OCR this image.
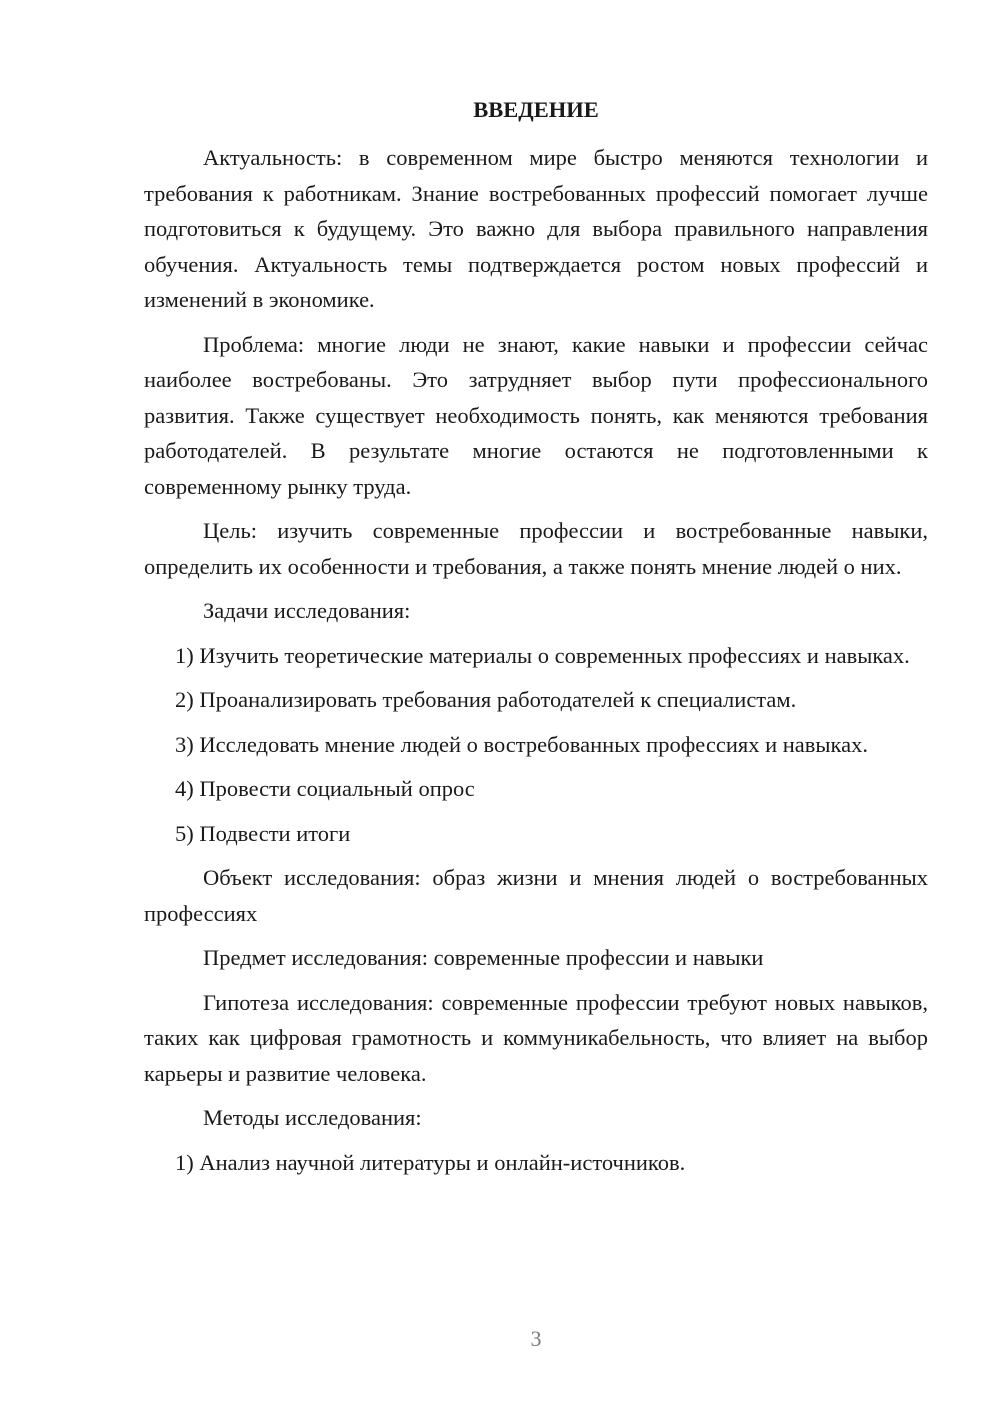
ВВЕДЕНИЕ

Актуальность: в современном мире быстро меняются технологии и требования к работникам. Знание востребованных профессий помогает лучше подготовиться к будущему. Это важно для выбора правильного направления обучения. Актуальность темы подтверждается ростом новых профессий и изменений в экономике.

Проблема: многие люди не знают, какие навыки и профессии сейчас наиболее востребованы. Это затрудняет выбор пути профессионального развития. Также существует необходимость понять, как меняются требования работодателей. В результате многие остаются не подготовленными к современному рынку труда.

Цель: изучить современные профессии и востребованные навыки, определить их особенности и требования, а также понять мнение людей о них.

Задачи исследования:

1) Изучить теоретические материалы о современных профессиях и навыках.

2) Проанализировать требования работодателей к специалистам.

3) Исследовать мнение людей о востребованных профессиях и навыках.

4) Провести социальный опрос

5) Подвести итоги

Объект исследования: образ жизни и мнения людей о востребованных профессиях

Предмет исследования: современные профессии и навыки

Гипотеза исследования: современные профессии требуют новых навыков, таких как цифровая грамотность и коммуникабельность, что влияет на выбор карьеры и развитие человека.

Методы исследования:

1) Анализ научной литературы и онлайн-источников.

3
